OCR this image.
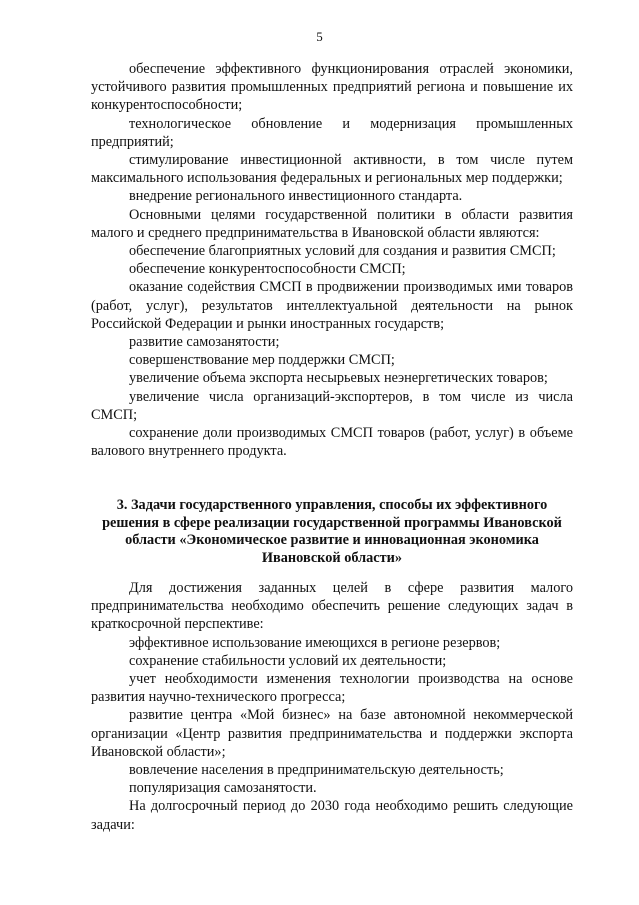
5

обеспечение эффективного функционирования отраслей экономики, устойчивого развития промышленных предприятий региона и повышение их конкурентоспособности;

технологическое обновление и модернизация промышленных предприятий;

стимулирование инвестиционной активности, в том числе путем максимального использования федеральных и региональных мер поддержки;

внедрение регионального инвестиционного стандарта.

Основными целями государственной политики в области развития малого и среднего предпринимательства в Ивановской области являются:

обеспечение благоприятных условий для создания и развития СМСП;

обеспечение конкурентоспособности СМСП;

оказание содействия СМСП в продвижении производимых ими товаров (работ, услуг), результатов интеллектуальной деятельности на рынок Российской Федерации и рынки иностранных государств;

развитие самозанятости;

совершенствование мер поддержки СМСП;

увеличение объема экспорта несырьевых неэнергетических товаров;

увеличение числа организаций-экспортеров, в том числе из числа СМСП;

сохранение доли производимых СМСП товаров (работ, услуг) в объеме валового внутреннего продукта.

3. Задачи государственного управления, способы их эффективного решения в сфере реализации государственной программы Ивановской области «Экономическое развитие и инновационная экономика Ивановской области»

Для достижения заданных целей в сфере развития малого предпринимательства необходимо обеспечить решение следующих задач в краткосрочной перспективе:

эффективное использование имеющихся в регионе резервов;

сохранение стабильности условий их деятельности;

учет необходимости изменения технологии производства на основе развития научно-технического прогресса;

развитие центра «Мой бизнес» на базе автономной некоммерческой организации «Центр развития предпринимательства и поддержки экспорта Ивановской области»;

вовлечение населения в предпринимательскую деятельность;

популяризация самозанятости.

На долгосрочный период до 2030 года необходимо решить следующие задачи:
